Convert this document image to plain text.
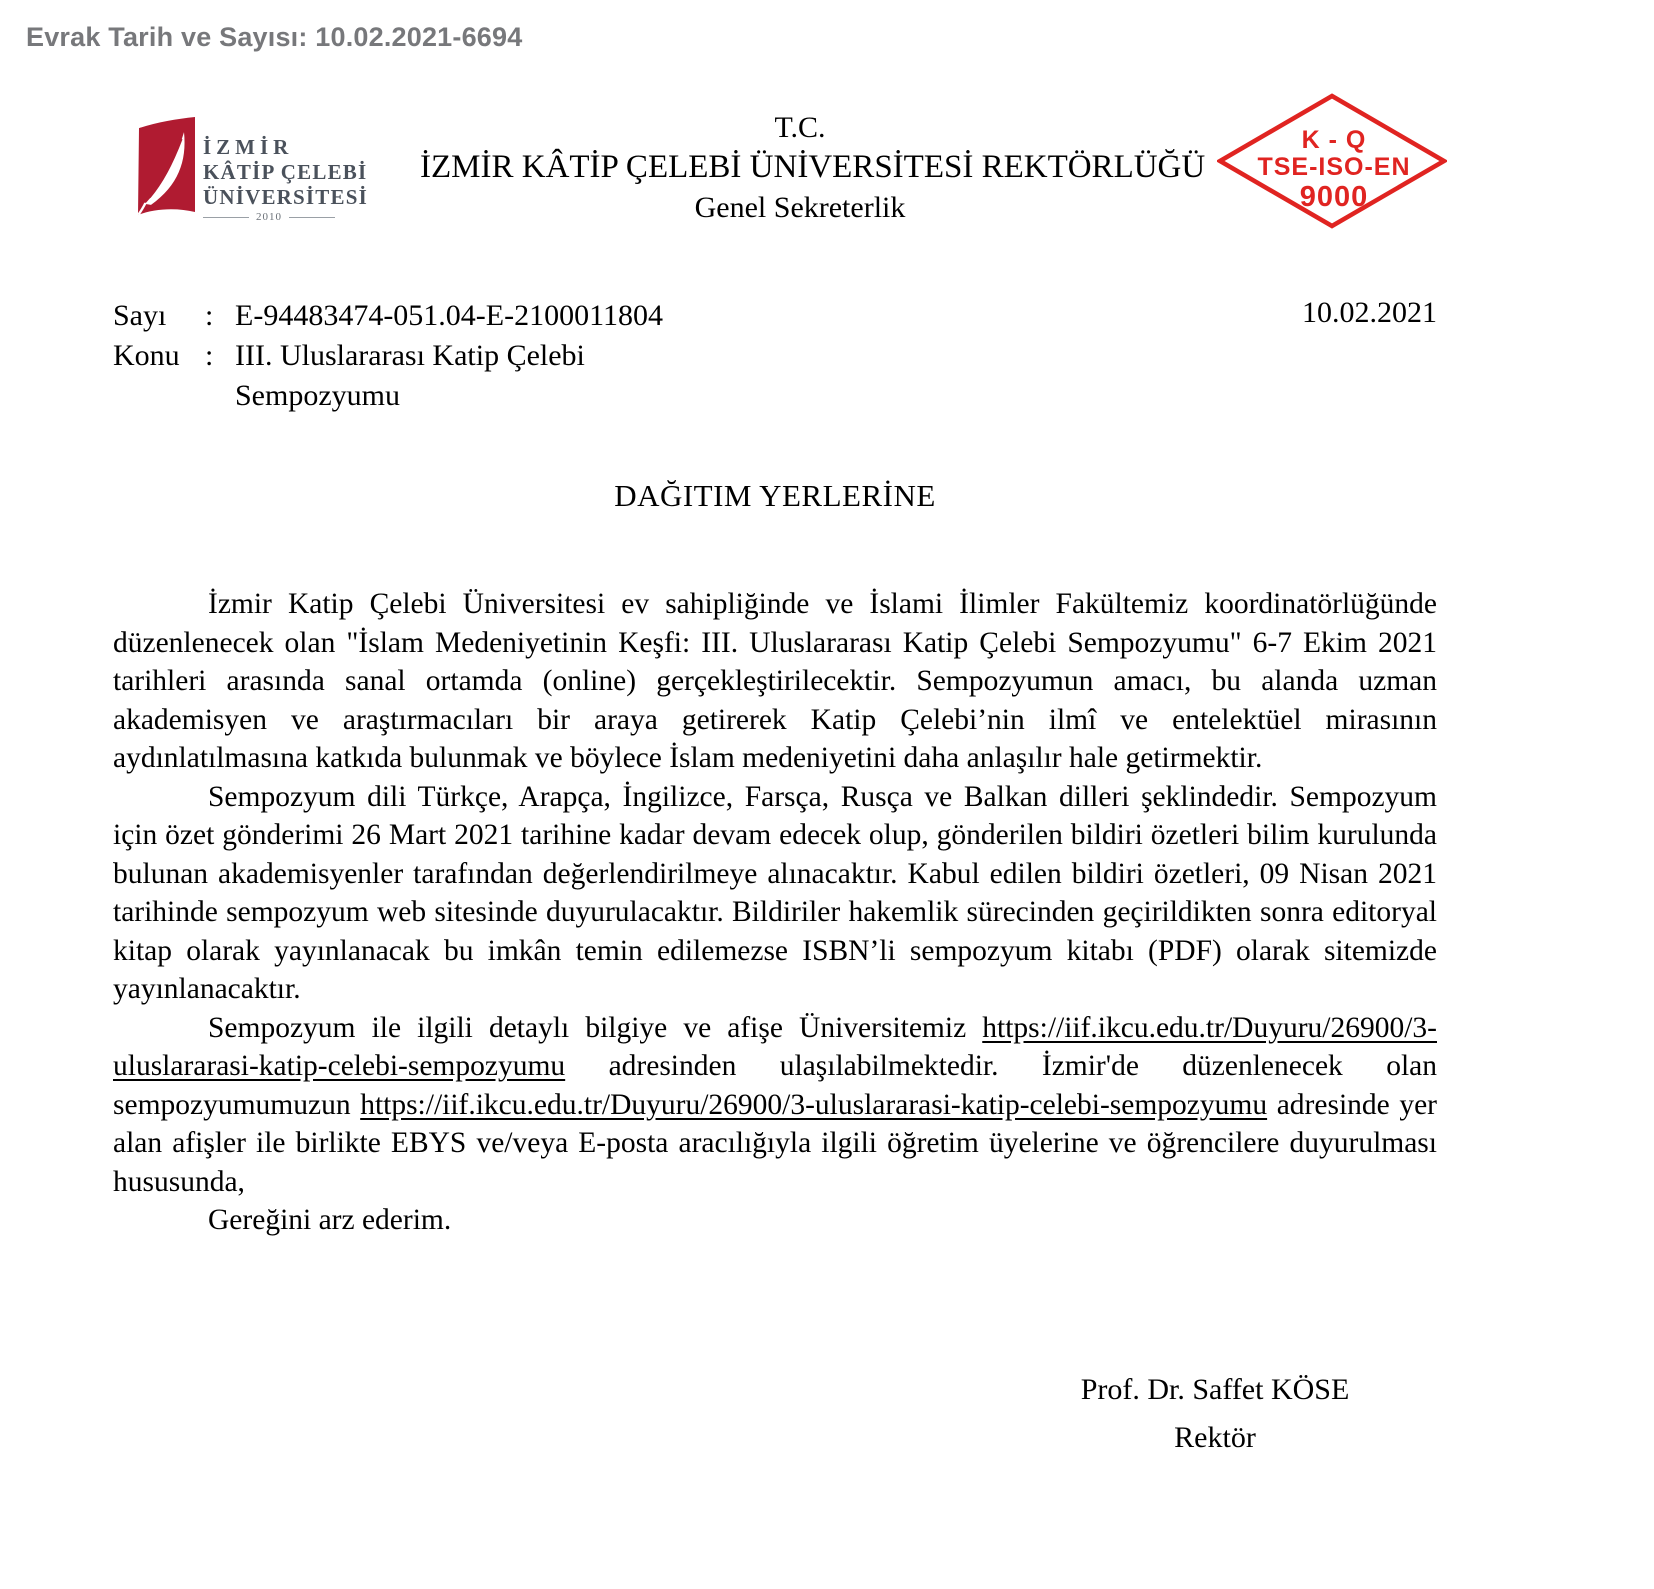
Evrak Tarih ve Sayısı: 10.02.2021-6694
İZMİR
KÂTİP ÇELEBİ
ÜNİVERSİTESİ
2010
T.C.
İZMİR KÂTİP ÇELEBİ ÜNİVERSİTESİ REKTÖRLÜĞÜ
Genel Sekreterlik
K - Q
TSE-ISO-EN
9000
Sayı	: E-94483474-051.04-E-2100011804
Konu : III. Uluslararası Katip Çelebi
Sempozyumu
10.02.2021
DAĞITIM YERLERİNE

İzmir Katip Çelebi Üniversitesi ev sahipliğinde ve İslami İlimler Fakültemiz koordinatörlüğünde düzenlenecek olan "İslam Medeniyetinin Keşfi: III. Uluslararası Katip Çelebi Sempozyumu" 6-7 Ekim 2021 tarihleri arasında sanal ortamda (online) gerçekleştirilecektir. Sempozyumun amacı, bu alanda uzman akademisyen ve araştırmacıları bir araya getirerek Katip Çelebi’nin ilmî ve entelektüel mirasının aydınlatılmasına katkıda bulunmak ve böylece İslam medeniyetini daha anlaşılır hale getirmektir.

Sempozyum dili Türkçe, Arapça, İngilizce, Farsça, Rusça ve Balkan dilleri şeklindedir. Sempozyum için özet gönderimi 26 Mart 2021 tarihine kadar devam edecek olup, gönderilen bildiri özetleri bilim kurulunda bulunan akademisyenler tarafından değerlendirilmeye alınacaktır. Kabul edilen bildiri özetleri, 09 Nisan 2021 tarihinde sempozyum web sitesinde duyurulacaktır. Bildiriler hakemlik sürecinden geçirildikten sonra editoryal kitap olarak yayınlanacak bu imkân temin edilemezse ISBN’li sempozyum kitabı (PDF) olarak sitemizde yayınlanacaktır.

Sempozyum ile ilgili detaylı bilgiye ve afişe Üniversitemiz https://iif.ikcu.edu.tr/Duyuru/26900/3-uluslararasi-katip-celebi-sempozyumu adresinden ulaşılabilmektedir. İzmir'de düzenlenecek olan sempozyumumuzun https://iif.ikcu.edu.tr/Duyuru/26900/3-uluslararasi-katip-celebi-sempozyumu adresinde yer alan afişler ile birlikte EBYS ve/veya E-posta aracılığıyla ilgili öğretim üyelerine ve öğrencilere duyurulması hususunda,

Gereğini arz ederim.

Prof. Dr. Saffet KÖSE
Rektör
